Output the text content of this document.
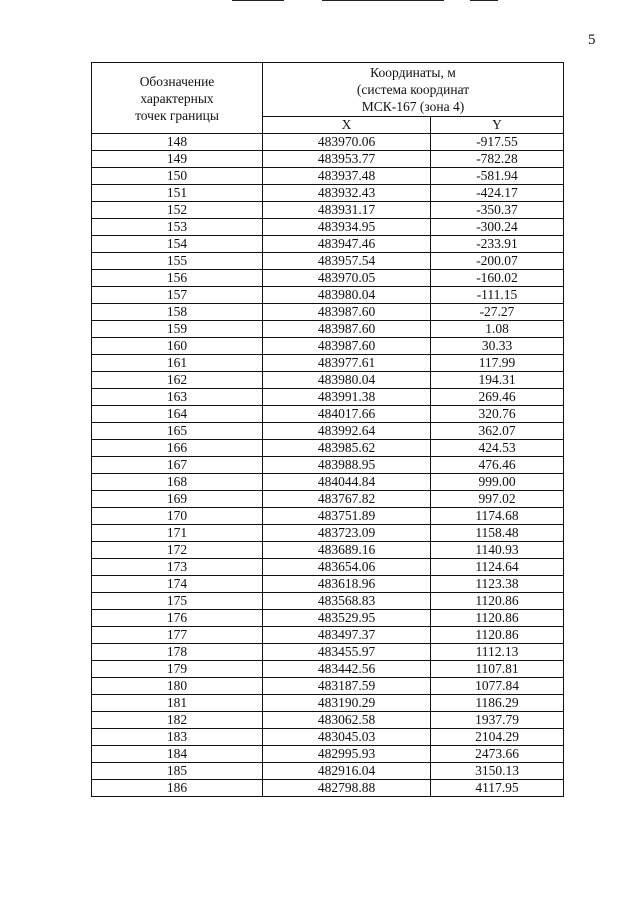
5
Обозначение
характерных
точек границы	Координаты, м
(система координат
МСК-167 (зона 4)	

	X	Y
148	483970.06	-917.55
149	483953.77	-782.28
150	483937.48	-581.94
151	483932.43	-424.17
152	483931.17	-350.37
153	483934.95	-300.24
154	483947.46	-233.91
155	483957.54	-200.07
156	483970.05	-160.02
157	483980.04	-111.15
158	483987.60	-27.27
159	483987.60	1.08
160	483987.60	30.33
161	483977.61	117.99
162	483980.04	194.31
163	483991.38	269.46
164	484017.66	320.76
165	483992.64	362.07
166	483985.62	424.53
167	483988.95	476.46
168	484044.84	999.00
169	483767.82	997.02
170	483751.89	1174.68
171	483723.09	1158.48
172	483689.16	1140.93
173	483654.06	1124.64
174	483618.96	1123.38
175	483568.83	1120.86
176	483529.95	1120.86
177	483497.37	1120.86
178	483455.97	1112.13
179	483442.56	1107.81
180	483187.59	1077.84
181	483190.29	1186.29
182	483062.58	1937.79
183	483045.03	2104.29
184	482995.93	2473.66
185	482916.04	3150.13
186	482798.88	4117.95
